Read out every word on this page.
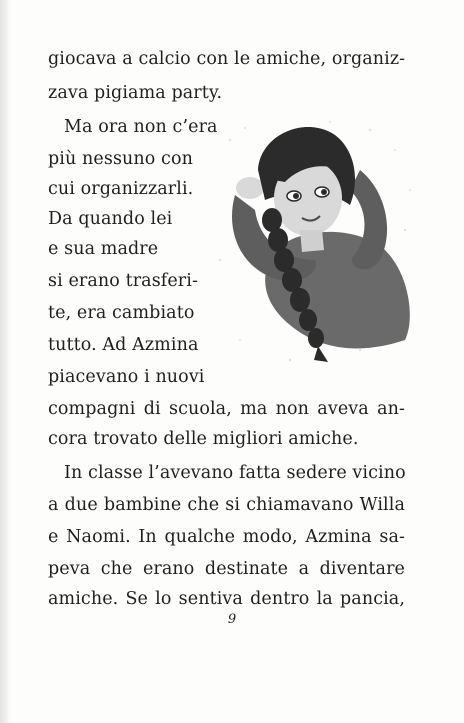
giocava a calcio con le amiche, organiz-
zava pigiama party.
Ma ora non c’era
più nessuno con
cui organizzarli.
Da quando lei
e sua madre
si erano trasferi-
te, era cambiato
tutto. Ad Azmina
piacevano i nuovi
compagni di scuola, ma non aveva an-
cora trovato delle migliori amiche.
In classe l’avevano fatta sedere vicino
a due bambine che si chiamavano Willa
e Naomi. In qualche modo, Azmina sa-
peva che erano destinate a diventare
amiche. Se lo sentiva dentro la pancia,
9
